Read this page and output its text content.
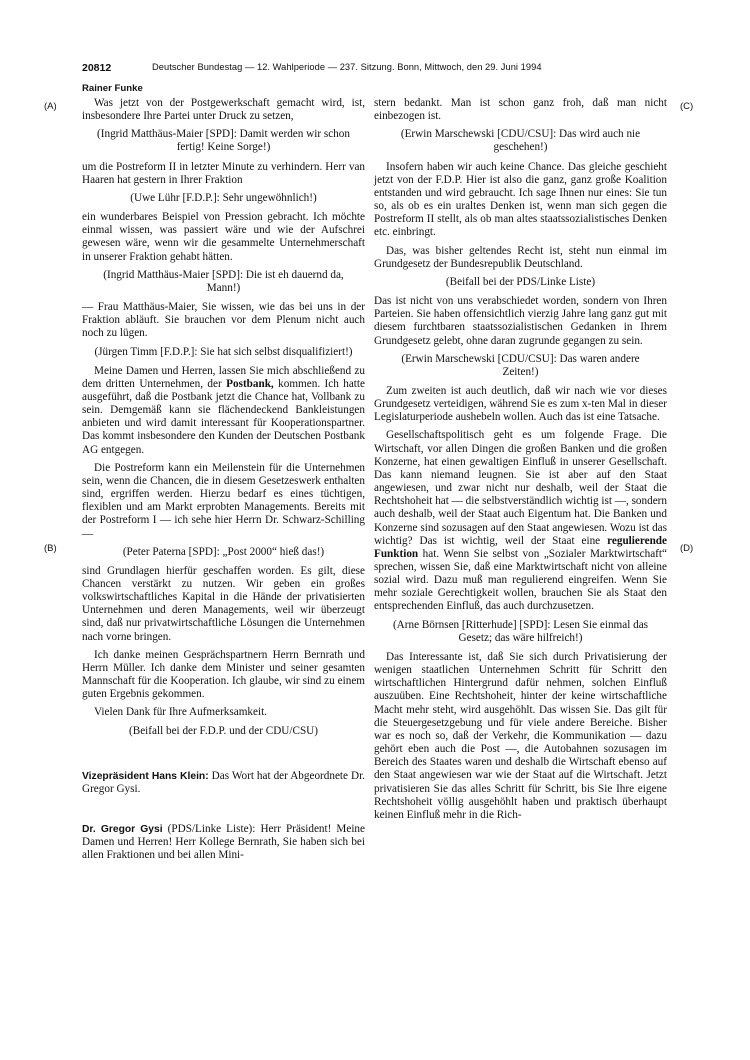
20812	Deutscher Bundestag — 12. Wahlperiode — 237. Sitzung. Bonn, Mittwoch, den 29. Juni 1994
Rainer Funke
(A)
(B)
(C)
(D)

Was jetzt von der Postgewerkschaft gemacht wird, ist, insbesondere Ihre Partei unter Druck zu setzen,

(Ingrid Matthäus-Maier [SPD]: Damit werden wir schon fertig! Keine Sorge!)

um die Postreform II in letzter Minute zu verhindern. Herr van Haaren hat gestern in Ihrer Fraktion

(Uwe Lühr [F.D.P.]: Sehr ungewöhnlich!)

ein wunderbares Beispiel von Pression gebracht. Ich möchte einmal wissen, was passiert wäre und wie der Aufschrei gewesen wäre, wenn wir die gesammelte Unternehmerschaft in unserer Fraktion gehabt hätten.

(Ingrid Matthäus-Maier [SPD]: Die ist eh dauernd da, Mann!)

— Frau Matthäus-Maier, Sie wissen, wie das bei uns in der Fraktion abläuft. Sie brauchen vor dem Plenum nicht auch noch zu lügen.

(Jürgen Timm [F.D.P.]: Sie hat sich selbst disqualifiziert!)

Meine Damen und Herren, lassen Sie mich abschließend zu dem dritten Unternehmen, der Postbank, kommen. Ich hatte ausgeführt, daß die Postbank jetzt die Chance hat, Vollbank zu sein. Demgemäß kann sie flächendeckend Bankleistungen anbieten und wird damit interessant für Kooperationspartner. Das kommt insbesondere den Kunden der Deutschen Postbank AG entgegen.

Die Postreform kann ein Meilenstein für die Unternehmen sein, wenn die Chancen, die in diesem Gesetzeswerk enthalten sind, ergriffen werden. Hierzu bedarf es eines tüchtigen, flexiblen und am Markt erprobten Managements. Bereits mit der Postreform I — ich sehe hier Herrn Dr. Schwarz-Schilling —

(Peter Paterna [SPD]: „Post 2000“ hieß das!)

sind Grundlagen hierfür geschaffen worden. Es gilt, diese Chancen verstärkt zu nutzen. Wir geben ein großes volkswirtschaftliches Kapital in die Hände der privatisierten Unternehmen und deren Managements, weil wir überzeugt sind, daß nur privatwirtschaftliche Lösungen die Unternehmen nach vorne bringen.

Ich danke meinen Gesprächspartnern Herrn Bernrath und Herrn Müller. Ich danke dem Minister und seiner gesamten Mannschaft für die Kooperation. Ich glaube, wir sind zu einem guten Ergebnis gekommen.

Vielen Dank für Ihre Aufmerksamkeit.

(Beifall bei der F.D.P. und der CDU/CSU)

Vizepräsident Hans Klein: Das Wort hat der Abgeordnete Dr. Gregor Gysi.

Dr. Gregor Gysi (PDS/Linke Liste): Herr Präsident! Meine Damen und Herren! Herr Kollege Bernrath, Sie haben sich bei allen Fraktionen und bei allen Mini-

stern bedankt. Man ist schon ganz froh, daß man nicht einbezogen ist.

(Erwin Marschewski [CDU/CSU]: Das wird auch nie geschehen!)

Insofern haben wir auch keine Chance. Das gleiche geschieht jetzt von der F.D.P. Hier ist also die ganz, ganz große Koalition entstanden und wird gebraucht. Ich sage Ihnen nur eines: Sie tun so, als ob es ein uraltes Denken ist, wenn man sich gegen die Postreform II stellt, als ob man altes staatssozialistisches Denken etc. einbringt.

Das, was bisher geltendes Recht ist, steht nun einmal im Grundgesetz der Bundesrepublik Deutschland.

(Beifall bei der PDS/Linke Liste)

Das ist nicht von uns verabschiedet worden, sondern von Ihren Parteien. Sie haben offensichtlich vierzig Jahre lang ganz gut mit diesem furchtbaren staatssozialistischen Gedanken in Ihrem Grundgesetz gelebt, ohne daran zugrunde gegangen zu sein.

(Erwin Marschewski [CDU/CSU]: Das waren andere Zeiten!)

Zum zweiten ist auch deutlich, daß wir nach wie vor dieses Grundgesetz verteidigen, während Sie es zum x-ten Mal in dieser Legislaturperiode aushebeln wollen. Auch das ist eine Tatsache.

Gesellschaftspolitisch geht es um folgende Frage. Die Wirtschaft, vor allen Dingen die großen Banken und die großen Konzerne, hat einen gewaltigen Einfluß in unserer Gesellschaft. Das kann niemand leugnen. Sie ist aber auf den Staat angewiesen, und zwar nicht nur deshalb, weil der Staat die Rechtshoheit hat — die selbstverständlich wichtig ist —, sondern auch deshalb, weil der Staat auch Eigentum hat. Die Banken und Konzerne sind sozusagen auf den Staat angewiesen. Wozu ist das wichtig? Das ist wichtig, weil der Staat eine regulierende Funktion hat. Wenn Sie selbst von „Sozialer Marktwirtschaft“ sprechen, wissen Sie, daß eine Marktwirtschaft nicht von alleine sozial wird. Dazu muß man regulierend eingreifen. Wenn Sie mehr soziale Gerechtigkeit wollen, brauchen Sie als Staat den entsprechenden Einfluß, das auch durchzusetzen.

(Arne Börnsen [Ritterhude] [SPD]: Lesen Sie einmal das Gesetz; das wäre hilfreich!)

Das Interessante ist, daß Sie sich durch Privatisierung der wenigen staatlichen Unternehmen Schritt für Schritt den wirtschaftlichen Hintergrund dafür nehmen, solchen Einfluß auszuüben. Eine Rechtshoheit, hinter der keine wirtschaftliche Macht mehr steht, wird ausgehöhlt. Das wissen Sie. Das gilt für die Steuergesetzgebung und für viele andere Bereiche. Bisher war es noch so, daß der Verkehr, die Kommunikation — dazu gehört eben auch die Post —, die Autobahnen sozusagen im Bereich des Staates waren und deshalb die Wirtschaft ebenso auf den Staat angewiesen war wie der Staat auf die Wirtschaft. Jetzt privatisieren Sie das alles Schritt für Schritt, bis Sie Ihre eigene Rechtshoheit völlig ausgehöhlt haben und praktisch überhaupt keinen Einfluß mehr in die Rich-
